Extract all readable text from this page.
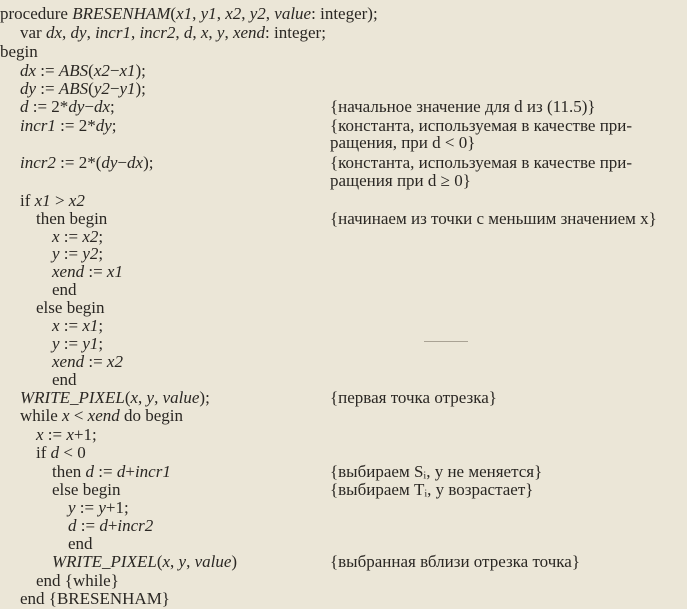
procedure BRESENHAM(x1, y1, x2, y2, value: integer);
var dx, dy, incr1, incr2, d, x, y, xend: integer;
begin
dx := ABS(x2−x1);
dy := ABS(y2−y1);
d := 2*dy−dx;	{начальное значение для d из (11.5)}
incr1 := 2*dy;	{константа, используемая в качестве при-
ращения, при d < 0}
incr2 := 2*(dy−dx);	{константа, используемая в качестве при-
ращения при d ≥ 0}
if x1 > x2
then begin	{начинаем из точки с меньшим значением x}
x := x2;
y := y2;
xend := x1
end
else begin
x := x1;
y := y1;
xend := x2
end
WRITE_PIXEL(x, y, value);	{первая точка отрезка}
while x < xend do begin
x := x+1;
if d < 0
then d := d+incr1	{выбираем Sᵢ, y не меняется}
else begin	{выбираем Tᵢ, y возрастает}
y := y+1;
d := d+incr2
end
WRITE_PIXEL(x, y, value)	{выбранная вблизи отрезка точка}
end {while}
end {BRESENHAM}
